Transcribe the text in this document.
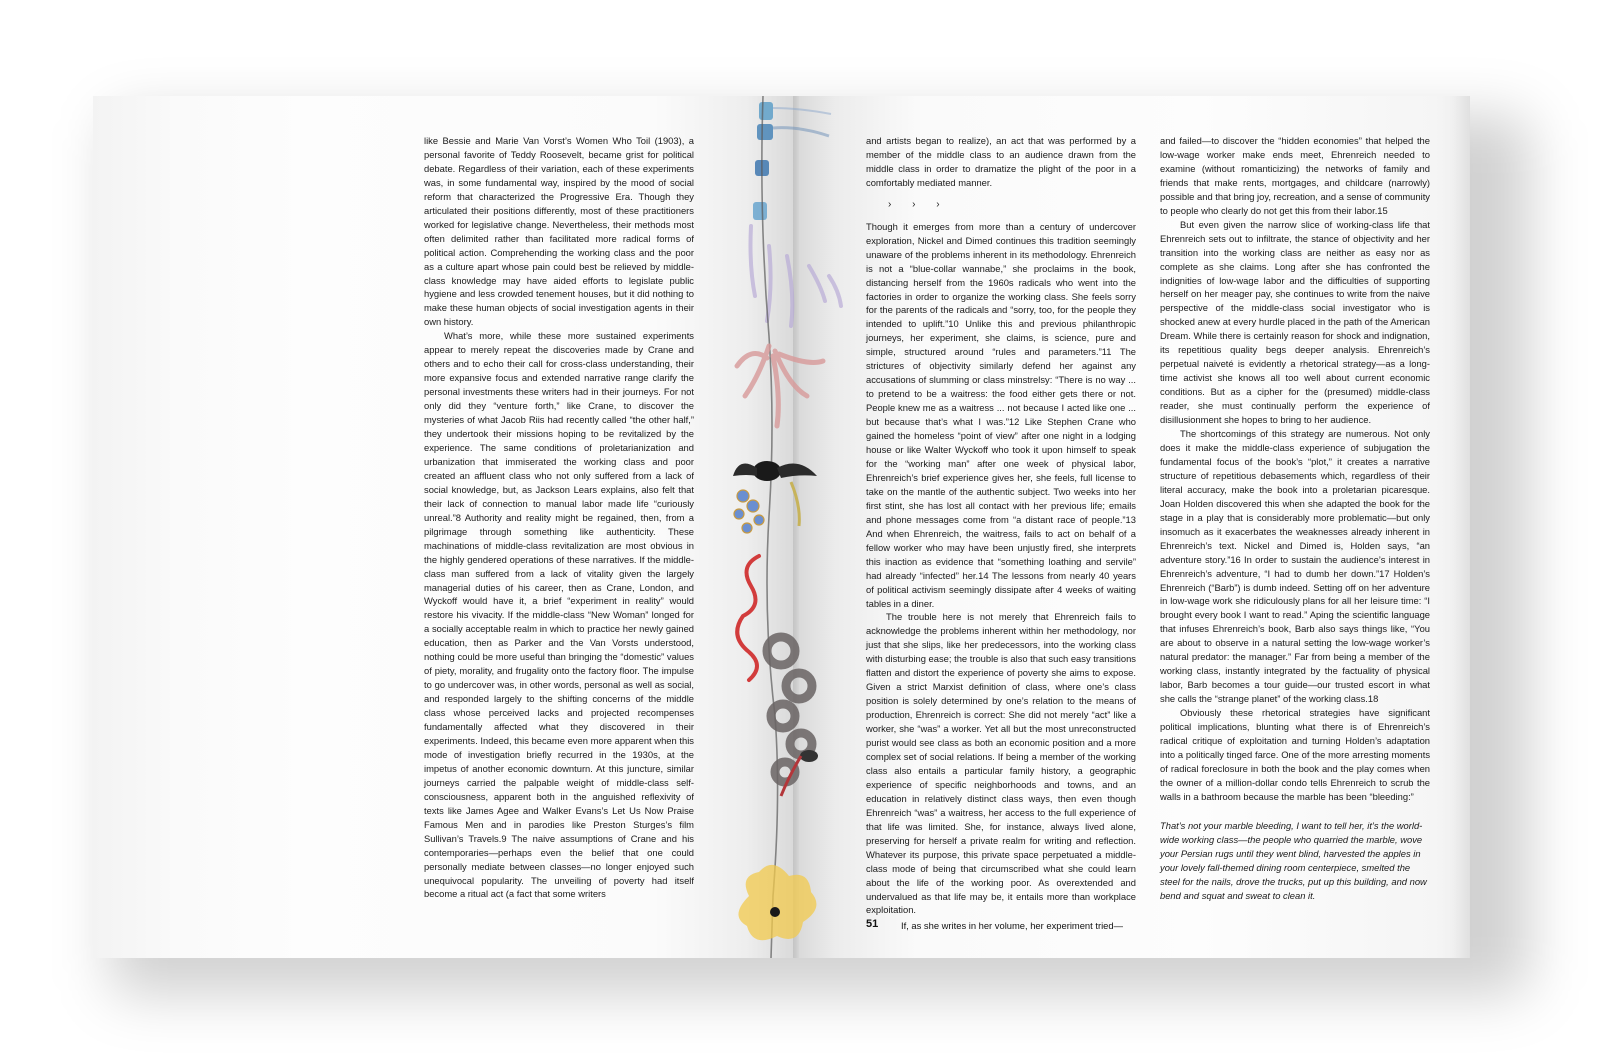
like Bessie and Marie Van Vorst’s Women Who Toil (1903), a personal favorite of Teddy Roosevelt, became grist for political debate. Regardless of their variation, each of these experiments was, in some fundamental way, inspired by the mood of social reform that characterized the Progressive Era. Though they articulated their positions differently, most of these practitioners worked for legislative change. Nevertheless, their methods most often delimited rather than facilitated more radical forms of political action. Comprehending the working class and the poor as a culture apart whose pain could best be relieved by middle-class knowledge may have aided efforts to legislate public hygiene and less crowded tenement houses, but it did nothing to make these human objects of social investigation agents in their own history.

What’s more, while these more sustained experiments appear to merely repeat the discoveries made by Crane and others and to echo their call for cross-class understanding, their more expansive focus and extended narrative range clarify the personal investments these writers had in their journeys. For not only did they “venture forth,” like Crane, to discover the mysteries of what Jacob Riis had recently called “the other half,” they undertook their missions hoping to be revitalized by the experience. The same conditions of proletarianization and urbanization that immiserated the working class and poor created an affluent class who not only suffered from a lack of social knowledge, but, as Jackson Lears explains, also felt that their lack of connection to manual labor made life “curiously unreal.”8 Authority and reality might be regained, then, from a pilgrimage through something like authenticity. These machinations of middle-class revitalization are most obvious in the highly gendered operations of these narratives. If the middle-class man suffered from a lack of vitality given the largely managerial duties of his career, then as Crane, London, and Wyckoff would have it, a brief “experiment in reality” would restore his vivacity. If the middle-class “New Woman” longed for a socially acceptable realm in which to practice her newly gained education, then as Parker and the Van Vorsts understood, nothing could be more useful than bringing the “domestic” values of piety, morality, and frugality onto the factory floor. The impulse to go undercover was, in other words, personal as well as social, and responded largely to the shifting concerns of the middle class whose perceived lacks and projected recompenses fundamentally affected what they discovered in their experiments. Indeed, this became even more apparent when this mode of investigation briefly recurred in the 1930s, at the impetus of another economic downturn. At this juncture, similar journeys carried the palpable weight of middle-class self-consciousness, apparent both in the anguished reflexivity of texts like James Agee and Walker Evans’s Let Us Now Praise Famous Men and in parodies like Preston Sturges’s film Sullivan’s Travels.9 The naive assumptions of Crane and his contemporaries—perhaps even the belief that one could personally mediate between classes—no longer enjoyed such unequivocal popularity. The unveiling of poverty had itself become a ritual act (a fact that some writers

and artists began to realize), an act that was performed by a member of the middle class to an audience drawn from the middle class in order to dramatize the plight of the poor in a comfortably mediated manner.

› › ›

Though it emerges from more than a century of undercover exploration, Nickel and Dimed continues this tradition seemingly unaware of the problems inherent in its methodology. Ehrenreich is not a “blue-collar wannabe,” she proclaims in the book, distancing herself from the 1960s radicals who went into the factories in order to organize the working class. She feels sorry for the parents of the radicals and “sorry, too, for the people they intended to uplift.”10 Unlike this and previous philanthropic journeys, her experiment, she claims, is science, pure and simple, structured around “rules and parameters.”11 The strictures of objectivity similarly defend her against any accusations of slumming or class minstrelsy: “There is no way ... to pretend to be a waitress: the food either gets there or not. People knew me as a waitress ... not because I acted like one ... but because that’s what I was.”12 Like Stephen Crane who gained the homeless “point of view” after one night in a lodging house or like Walter Wyckoff who took it upon himself to speak for the “working man” after one week of physical labor, Ehrenreich’s brief experience gives her, she feels, full license to take on the mantle of the authentic subject. Two weeks into her first stint, she has lost all contact with her previous life; emails and phone messages come from “a distant race of people.”13 And when Ehrenreich, the waitress, fails to act on behalf of a fellow worker who may have been unjustly fired, she interprets this inaction as evidence that “something loathing and servile” had already “infected” her.14 The lessons from nearly 40 years of political activism seemingly dissipate after 4 weeks of waiting tables in a diner.

The trouble here is not merely that Ehrenreich fails to acknowledge the problems inherent within her methodology, nor just that she slips, like her predecessors, into the working class with disturbing ease; the trouble is also that such easy transitions flatten and distort the experience of poverty she aims to expose. Given a strict Marxist definition of class, where one’s class position is solely determined by one’s relation to the means of production, Ehrenreich is correct: She did not merely “act” like a worker, she “was” a worker. Yet all but the most unreconstructed purist would see class as both an economic position and a more complex set of social relations. If being a member of the working class also entails a particular family history, a geographic experience of specific neighborhoods and towns, and an education in relatively distinct class ways, then even though Ehrenreich “was” a waitress, her access to the full experience of that life was limited. She, for instance, always lived alone, preserving for herself a private realm for writing and reflection. Whatever its purpose, this private space perpetuated a middle-class mode of being that circumscribed what she could learn about the life of the working poor. As overextended and undervalued as that life may be, it entails more than workplace exploitation.

51 If, as she writes in her volume, her experiment tried—

and failed—to discover the “hidden economies” that helped the low-wage worker make ends meet, Ehrenreich needed to examine (without romanticizing) the networks of family and friends that make rents, mortgages, and childcare (narrowly) possible and that bring joy, recreation, and a sense of community to people who clearly do not get this from their labor.15

But even given the narrow slice of working-class life that Ehrenreich sets out to infiltrate, the stance of objectivity and her transition into the working class are neither as easy nor as complete as she claims. Long after she has confronted the indignities of low-wage labor and the difficulties of supporting herself on her meager pay, she continues to write from the naive perspective of the middle-class social investigator who is shocked anew at every hurdle placed in the path of the American Dream. While there is certainly reason for shock and indignation, its repetitious quality begs deeper analysis. Ehrenreich’s perpetual naiveté is evidently a rhetorical strategy—as a long-time activist she knows all too well about current economic conditions. But as a cipher for the (presumed) middle-class reader, she must continually perform the experience of disillusionment she hopes to bring to her audience.

The shortcomings of this strategy are numerous. Not only does it make the middle-class experience of subjugation the fundamental focus of the book’s “plot,” it creates a narrative structure of repetitious debasements which, regardless of their literal accuracy, make the book into a proletarian picaresque. Joan Holden discovered this when she adapted the book for the stage in a play that is considerably more problematic—but only insomuch as it exacerbates the weaknesses already inherent in Ehrenreich’s text. Nickel and Dimed is, Holden says, “an adventure story.”16 In order to sustain the audience’s interest in Ehrenreich’s adventure, “I had to dumb her down.”17 Holden’s Ehrenreich (“Barb”) is dumb indeed. Setting off on her adventure in low-wage work she ridiculously plans for all her leisure time: “I brought every book I want to read.” Aping the scientific language that infuses Ehrenreich’s book, Barb also says things like, “You are about to observe in a natural setting the low-wage worker’s natural predator: the manager.” Far from being a member of the working class, instantly integrated by the factuality of physical labor, Barb becomes a tour guide—our trusted escort in what she calls the “strange planet” of the working class.18

Obviously these rhetorical strategies have significant political implications, blunting what there is of Ehrenreich’s radical critique of exploitation and turning Holden’s adaptation into a politically tinged farce. One of the more arresting moments of radical foreclosure in both the book and the play comes when the owner of a million-dollar condo tells Ehrenreich to scrub the walls in a bathroom because the marble has been “bleeding:”

That’s not your marble bleeding, I want to tell her, it’s the world-wide working class—the people who quarried the marble, wove your Persian rugs until they went blind, harvested the apples in your lovely fall-themed dining room centerpiece, smelted the steel for the nails, drove the trucks, put up this building, and now bend and squat and sweat to clean it.
